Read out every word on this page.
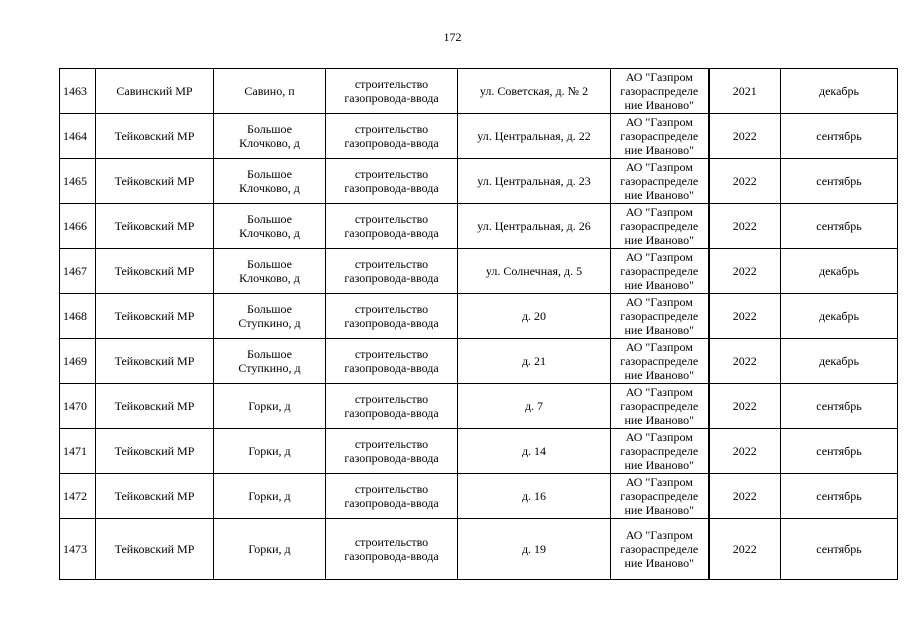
172
1463	Савинский МР	Савино, п	строительство
газопровода-ввода	ул. Советская, д. № 2	АО "Газпром
газораспределе
ние Иваново"	2021	декабрь
1464	Тейковский МР	Большое
Клочково, д	строительство
газопровода-ввода	ул. Центральная, д. 22	АО "Газпром
газораспределе
ние Иваново"	2022	сентябрь
1465	Тейковский МР	Большое
Клочково, д	строительство
газопровода-ввода	ул. Центральная, д. 23	АО "Газпром
газораспределе
ние Иваново"	2022	сентябрь
1466	Тейковский МР	Большое
Клочково, д	строительство
газопровода-ввода	ул. Центральная, д. 26	АО "Газпром
газораспределе
ние Иваново"	2022	сентябрь
1467	Тейковский МР	Большое
Клочково, д	строительство
газопровода-ввода	ул. Солнечная, д. 5	АО "Газпром
газораспределе
ние Иваново"	2022	декабрь
1468	Тейковский МР	Большое
Ступкино, д	строительство
газопровода-ввода	д. 20	АО "Газпром
газораспределе
ние Иваново"	2022	декабрь
1469	Тейковский МР	Большое
Ступкино, д	строительство
газопровода-ввода	д. 21	АО "Газпром
газораспределе
ние Иваново"	2022	декабрь
1470	Тейковский МР	Горки, д	строительство
газопровода-ввода	д. 7	АО "Газпром
газораспределе
ние Иваново"	2022	сентябрь
1471	Тейковский МР	Горки, д	строительство
газопровода-ввода	д. 14	АО "Газпром
газораспределе
ние Иваново"	2022	сентябрь
1472	Тейковский МР	Горки, д	строительство
газопровода-ввода	д. 16	АО "Газпром
газораспределе
ние Иваново"	2022	сентябрь
1473	Тейковский МР	Горки, д	строительство
газопровода-ввода	д. 19	АО "Газпром
газораспределе
ние Иваново"	2022	сентябрь
